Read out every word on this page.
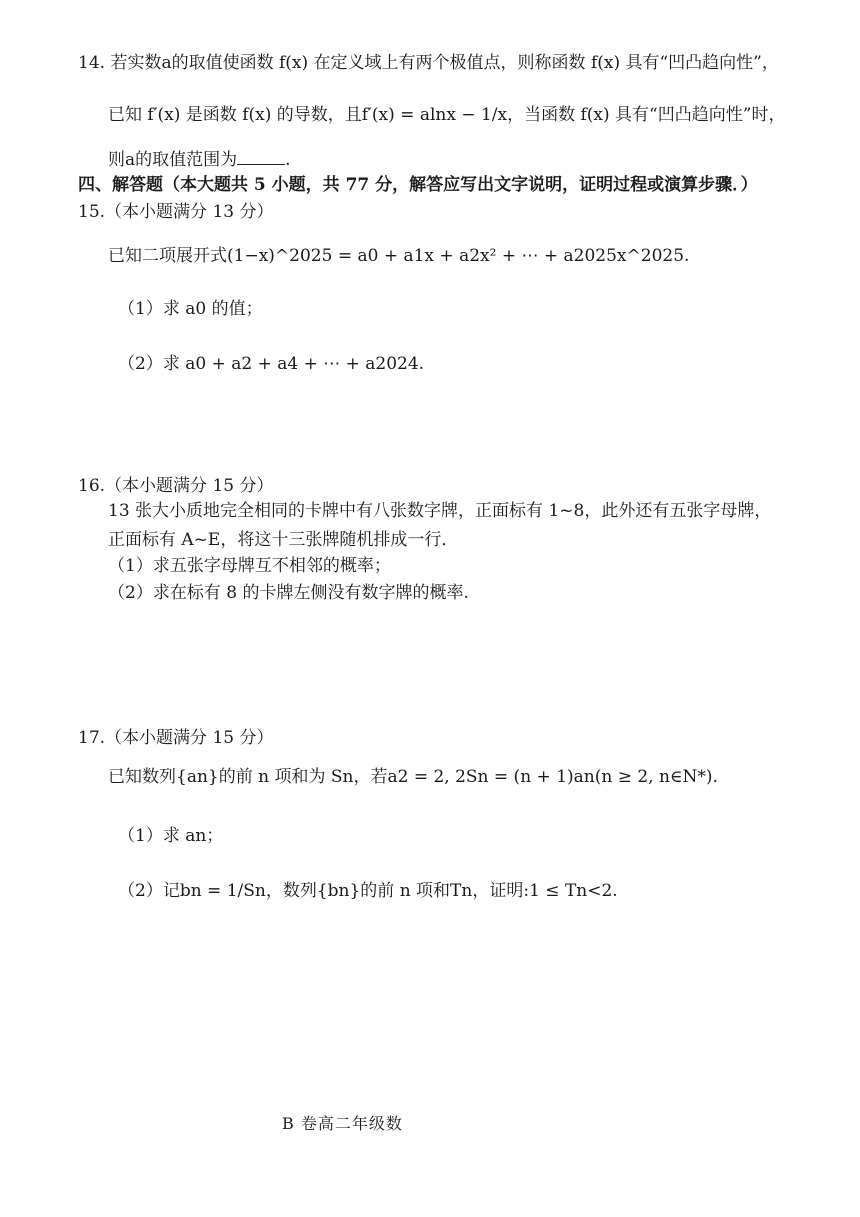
14. 若实数a的取值使函数 f(x) 在定义域上有两个极值点，则称函数 f(x) 具有“凹凸趋向性”，
已知 f′(x) 是函数 f(x) 的导数，且f′(x) = alnx − 1/x，当函数 f(x) 具有“凹凸趋向性”时，
则a的取值范围为	.
四、解答题（本大题共 5 小题，共 77 分，解答应写出文字说明，证明过程或演算步骤．）
15.（本小题满分 13 分）
已知二项展开式(1−x)^2025 = a0 + a1x + a2x² + ⋯ + a2025x^2025.
（1）求 a0 的值；
（2）求 a0 + a2 + a4 + ⋯ + a2024.
16.（本小题满分 15 分）
13 张大小质地完全相同的卡牌中有八张数字牌，正面标有 1~8，此外还有五张字母牌，
正面标有 A~E，将这十三张牌随机排成一行．
（1）求五张字母牌互不相邻的概率；
（2）求在标有 8 的卡牌左侧没有数字牌的概率.
17.（本小题满分 15 分）
已知数列{an}的前 n 项和为 Sn，若a2 = 2, 2Sn = (n + 1)an(n ≥ 2, n∈N*).
（1）求 an；
（2）记bn = 1/Sn，数列{bn}的前 n 项和Tn，证明:1 ≤ Tn<2.
B 卷高二年级数
